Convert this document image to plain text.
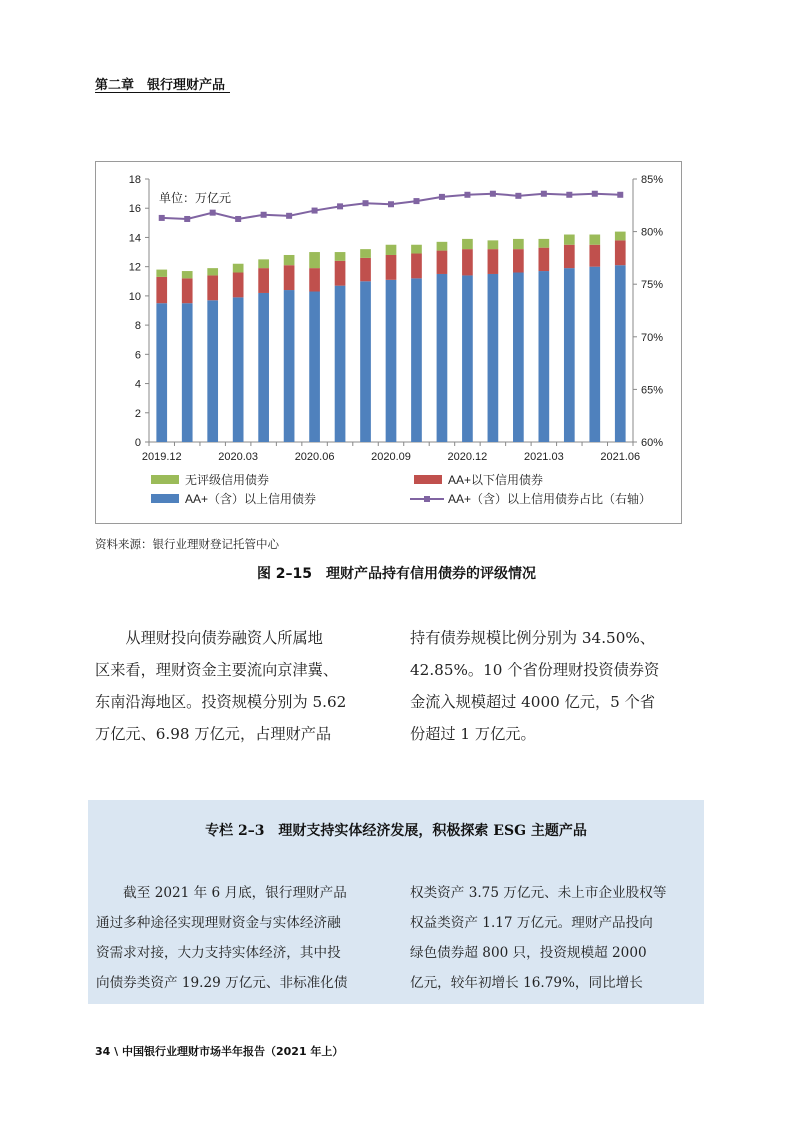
第二章　银行理财产品
0
2
4
6
8
10
12
14
16
18
60%
65%
70%
75%
80%
85%
2019.12	2020.03	2020.06	2020.09	2020.12	2021.03	2021.06
单位：万亿元
无评级信用债券	AA+以下信用债券
AA+（含）以上信用债券	AA+（含）以上信用债券占比（右轴）
资料来源：银行业理财登记托管中心
图 2–15　理财产品持有信用债券的评级情况

　　从理财投向债券融资人所属地

区来看，理财资金主要流向京津冀、

东南沿海地区。投资规模分别为 5.62

万亿元、6.98 万亿元，占理财产品

持有债券规模比例分别为 34.50%、

42.85%。10 个省份理财投资债券资

金流入规模超过 4000 亿元，5 个省

份超过 1 万亿元。

专栏 2–3　理财支持实体经济发展，积极探索 ESG 主题产品

　　截至 2021 年 6 月底，银行理财产品

通过多种途径实现理财资金与实体经济融

资需求对接，大力支持实体经济，其中投

向债券类资产 19.29 万亿元、非标准化债

权类资产 3.75 万亿元、未上市企业股权等

权益类资产 1.17 万亿元。理财产品投向

绿色债券超 800 只，投资规模超 2000

亿元，较年初增长 16.79%，同比增长

34 \ 中国银行业理财市场半年报告（2021 年上）
